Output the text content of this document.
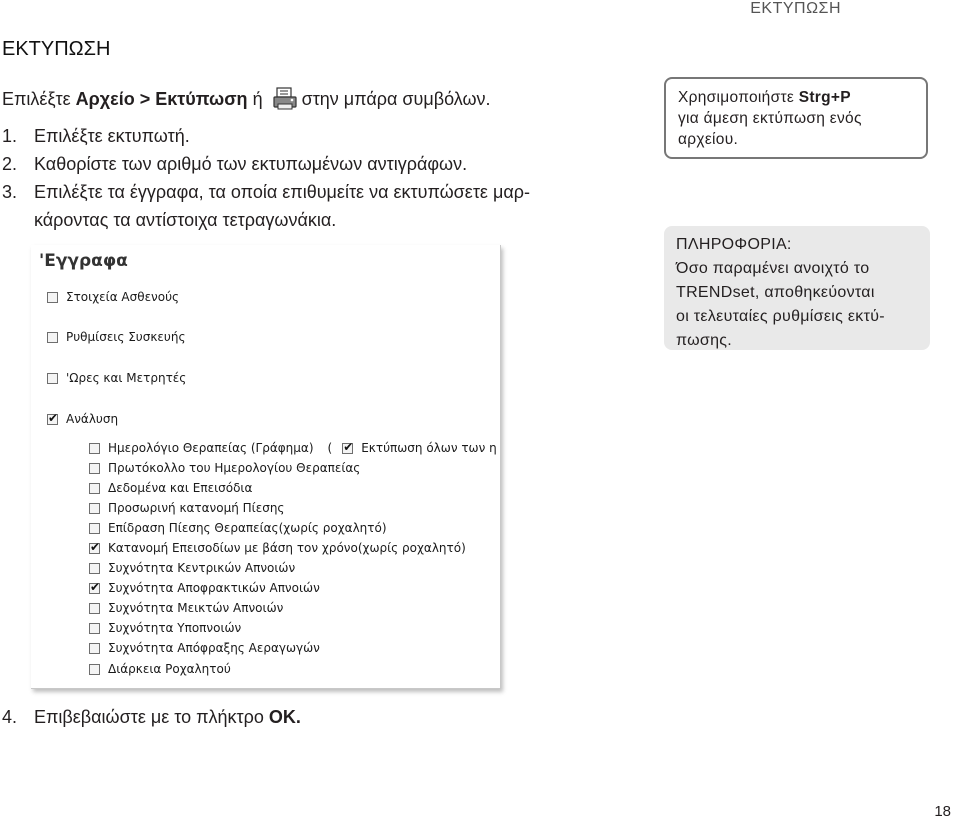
ΕΚΤΥΠΩΣΗ
ΕΚΤΥΠΩΣΗ
Επιλέξτε Αρχείο > Εκτύπωση ή στην μπάρα συμβόλων.
1. Επιλέξτε εκτυπωτή.
2. Καθορίστε των αριθμό των εκτυπωμένων αντιγράφων.
3. Επιλέξτε τα έγγραφα, τα οποία επιθυμείτε να εκτυπώσετε μαρ-
κάροντας τα αντίστοιχα τετραγωνάκια.
'Εγγραφα
Στοιχεία Ασθενούς
Ρυθμίσεις Συσκευής
'Ωρες και Μετρητές
✔Ανάλυση
Ημερολόγιο Θεραπείας (Γράφημα) (✔ Εκτύπωση όλων των η
Πρωτόκολλο του Ημερολογίου Θεραπείας
Δεδομένα και Επεισόδια
Προσωρινή κατανομή Πίεσης
Επίδραση Πίεσης Θεραπείας(χωρίς ροχαλητό)
✔Κατανομή Επεισοδίων με βάση τον χρόνο(χωρίς ροχαλητό)
Συχνότητα Κεντρικών Απνοιών
✔Συχνότητα Αποφρακτικών Απνοιών
Συχνότητα Μεικτών Απνοιών
Συχνότητα Υποπνοιών
Συχνότητα Απόφραξης Αεραγωγών
Διάρκεια Ροχαλητού
4. Επιβεβαιώστε με το πλήκτρο OK.
Χρησιμοποιήστε Strg+P
για άμεση εκτύπωση ενός
αρχείου.
ΠΛΗΡΟΦΟΡΙΑ:
Όσο παραμένει ανοιχτό το
TRENDset, αποθηκεύονται
οι τελευταίες ρυθμίσεις εκτύ-
πωσης.
18
